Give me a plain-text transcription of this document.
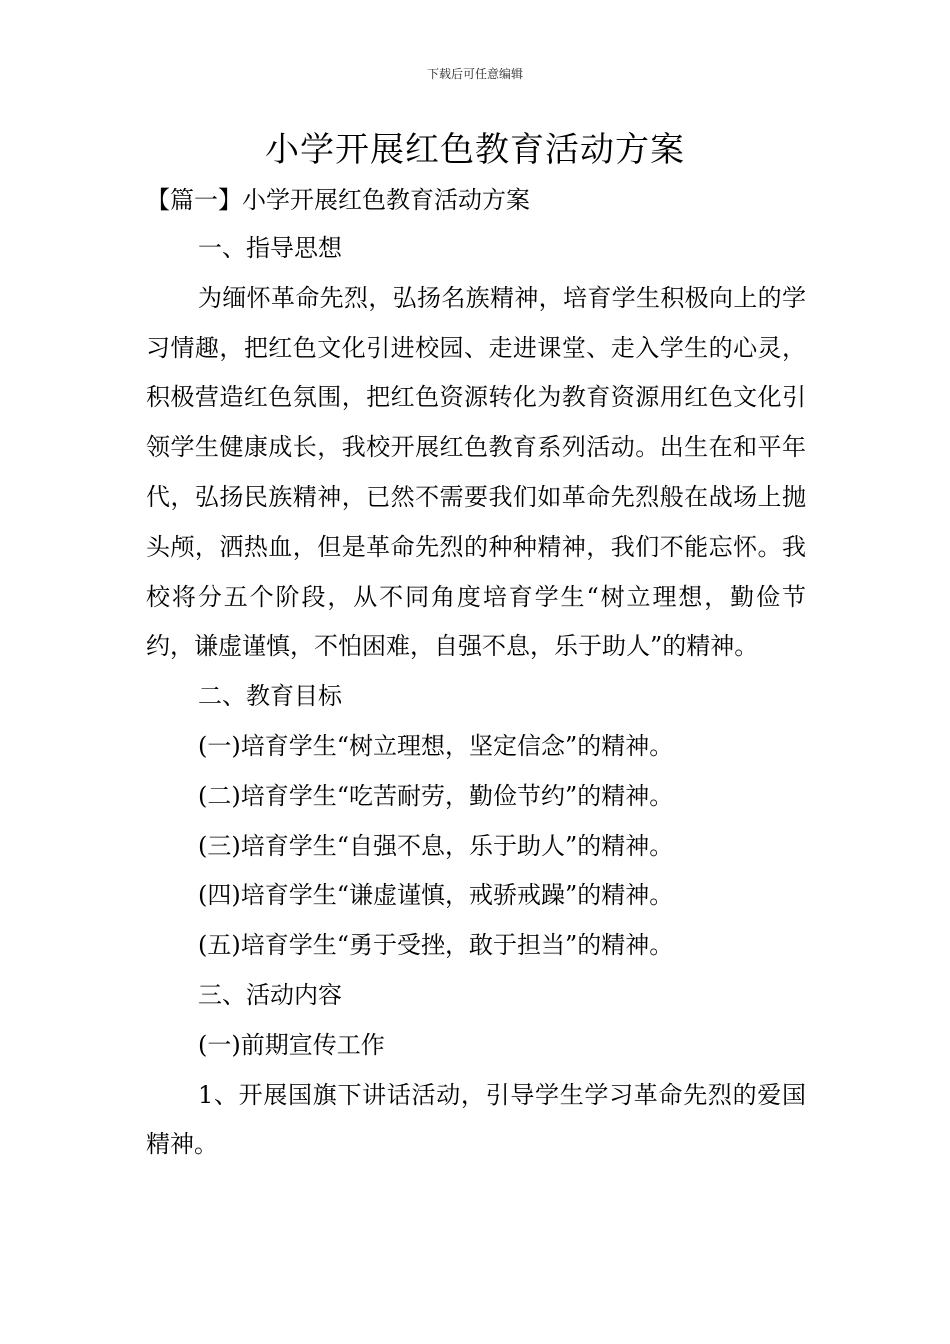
下载后可任意编辑
小学开展红色教育活动方案
【篇一】小学开展红色教育活动方案

一、指导思想

为缅怀革命先烈，弘扬名族精神，培育学生积极向上的学习情趣，把红色文化引进校园、走进课堂、走入学生的心灵，积极营造红色氛围，把红色资源转化为教育资源用红色文化引领学生健康成长，我校开展红色教育系列活动。出生在和平年代，弘扬民族精神，已然不需要我们如革命先烈般在战场上抛头颅，洒热血，但是革命先烈的种种精神，我们不能忘怀。我校将分五个阶段，从不同角度培育学生“树立理想，勤俭节约，谦虚谨慎，不怕困难，自强不息，乐于助人”的精神。

二、教育目标

(一)培育学生“树立理想，坚定信念”的精神。

(二)培育学生“吃苦耐劳，勤俭节约”的精神。

(三)培育学生“自强不息，乐于助人”的精神。

(四)培育学生“谦虚谨慎，戒骄戒躁”的精神。

(五)培育学生“勇于受挫，敢于担当”的精神。

三、活动内容

(一)前期宣传工作

1、开展国旗下讲话活动，引导学生学习革命先烈的爱国精神。
